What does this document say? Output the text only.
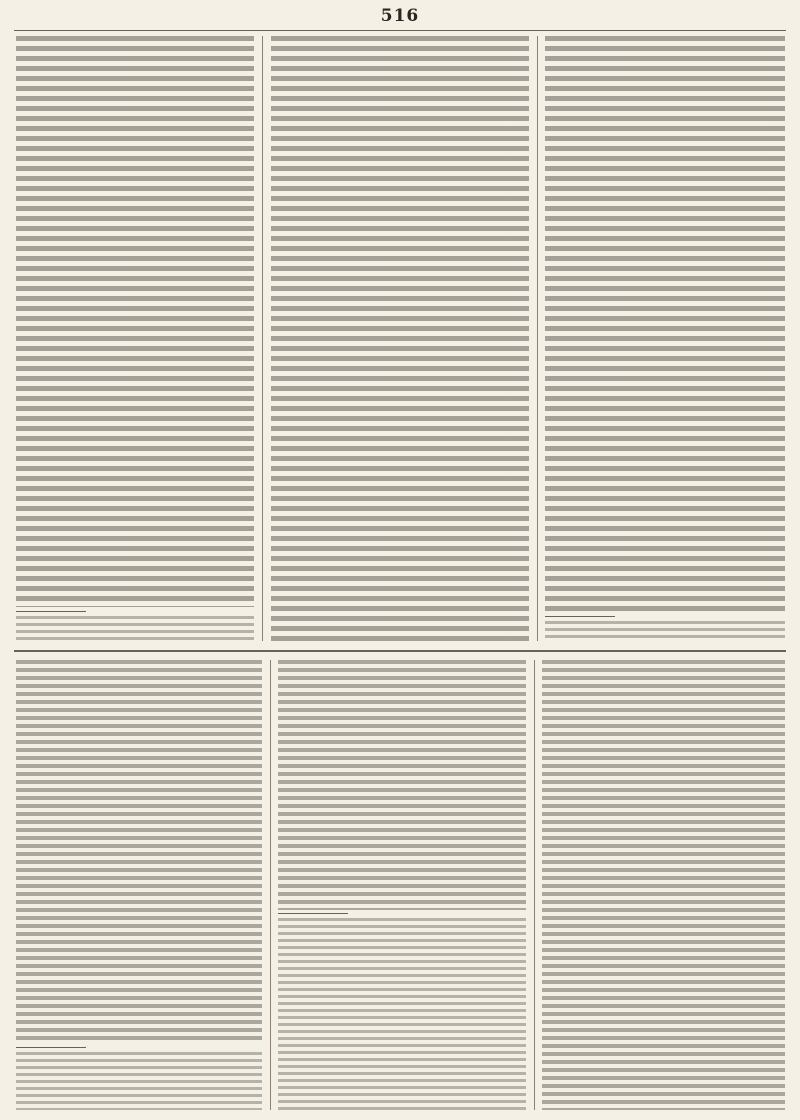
516
